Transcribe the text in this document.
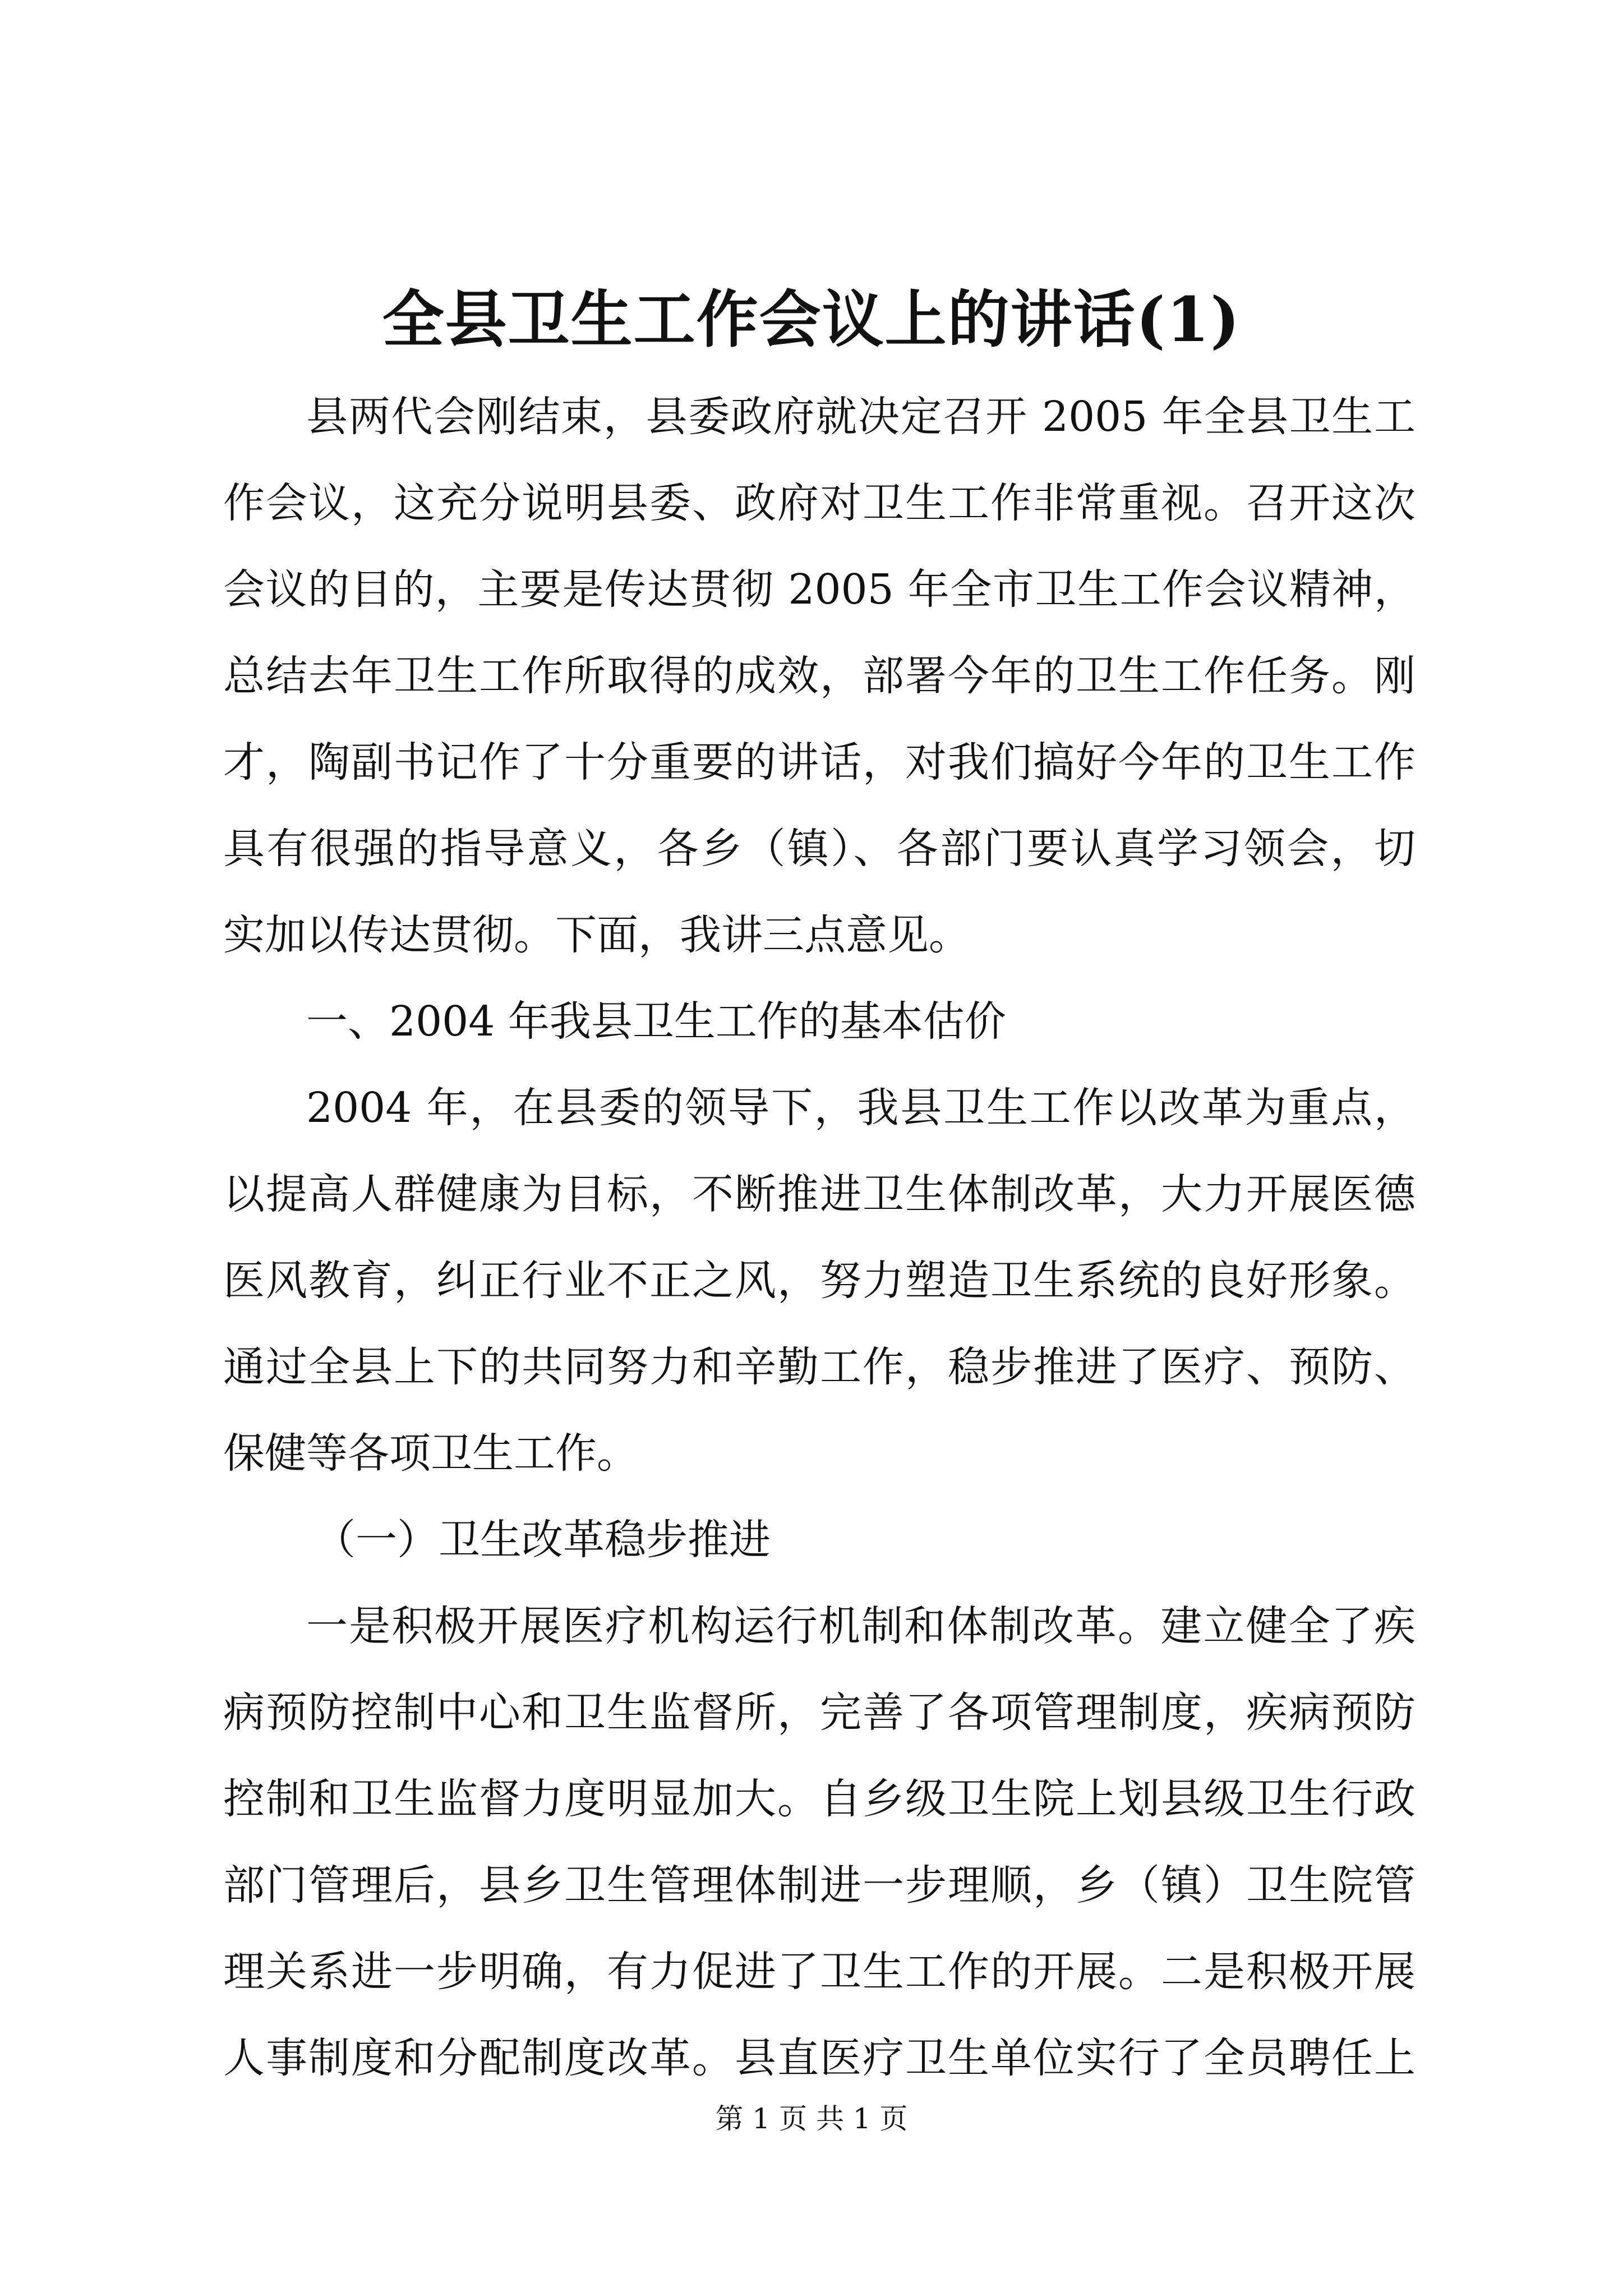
全县卫生工作会议上的讲话(1)
县两代会刚结束，县委政府就决定召开 2005 年全县卫生工
作会议，这充分说明县委、政府对卫生工作非常重视。召开这次
会议的目的，主要是传达贯彻 2005 年全市卫生工作会议精神，
总结去年卫生工作所取得的成效，部署今年的卫生工作任务。刚
才，陶副书记作了十分重要的讲话，对我们搞好今年的卫生工作
具有很强的指导意义，各乡（镇）、各部门要认真学习领会，切
实加以传达贯彻。下面，我讲三点意见。
一、2004 年我县卫生工作的基本估价
2004 年，在县委的领导下，我县卫生工作以改革为重点，
以提高人群健康为目标，不断推进卫生体制改革，大力开展医德
医风教育，纠正行业不正之风，努力塑造卫生系统的良好形象。
通过全县上下的共同努力和辛勤工作，稳步推进了医疗、预防、
保健等各项卫生工作。
（一）卫生改革稳步推进
一是积极开展医疗机构运行机制和体制改革。建立健全了疾
病预防控制中心和卫生监督所，完善了各项管理制度，疾病预防
控制和卫生监督力度明显加大。自乡级卫生院上划县级卫生行政
部门管理后，县乡卫生管理体制进一步理顺，乡（镇）卫生院管
理关系进一步明确，有力促进了卫生工作的开展。二是积极开展
人事制度和分配制度改革。县直医疗卫生单位实行了全员聘任上
第 1 页 共 1 页
